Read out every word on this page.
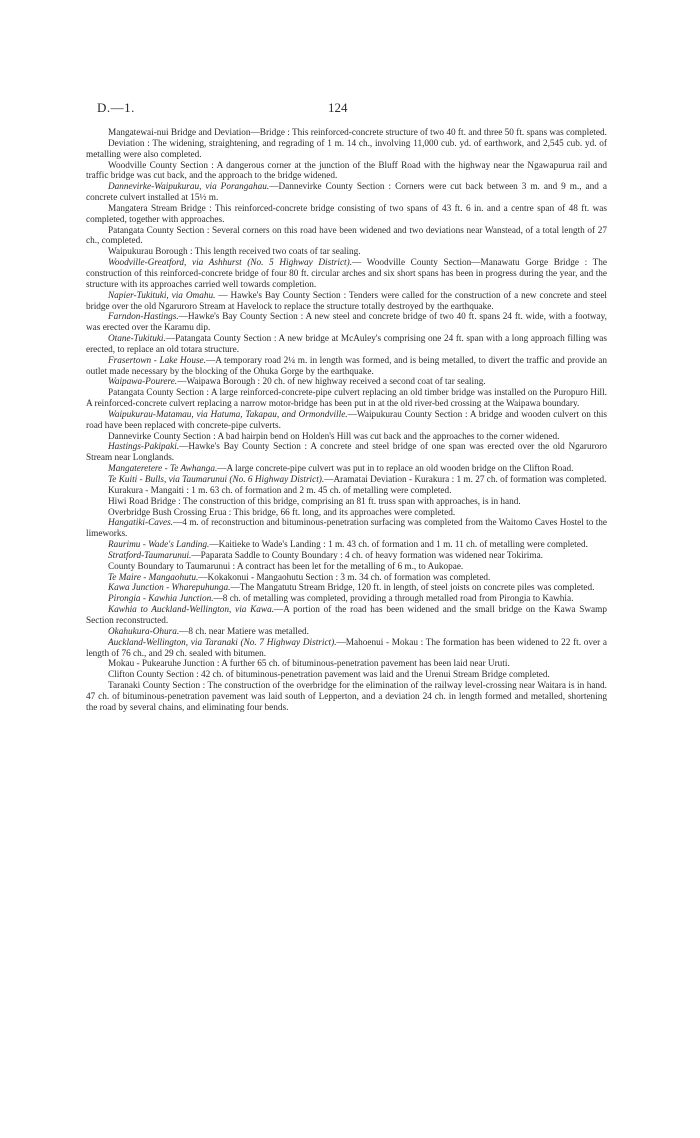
D.—1.	124

Mangatewai-nui Bridge and Deviation—Bridge : This reinforced-concrete structure of two 40 ft. and three 50 ft. spans was completed.

Deviation : The widening, straightening, and regrading of 1 m. 14 ch., involving 11,000 cub. yd. of earthwork, and 2,545 cub. yd. of metalling were also completed.

Woodville County Section : A dangerous corner at the junction of the Bluff Road with the highway near the Ngawapurua rail and traffic bridge was cut back, and the approach to the bridge widened.

Dannevirke-Waipukurau, via Porangahau.—Dannevirke County Section : Corners were cut back between 3 m. and 9 m., and a concrete culvert installed at 15½ m.

Mangatera Stream Bridge : This reinforced-concrete bridge consisting of two spans of 43 ft. 6 in. and a centre span of 48 ft. was completed, together with approaches.

Patangata County Section : Several corners on this road have been widened and two deviations near Wanstead, of a total length of 27 ch., completed.

Waipukurau Borough : This length received two coats of tar sealing.

Woodville-Greatford, via Ashhurst (No. 5 Highway District).— Woodville County Section—Manawatu Gorge Bridge : The construction of this reinforced-concrete bridge of four 80 ft. circular arches and six short spans has been in progress during the year, and the structure with its approaches carried well towards completion.

Napier-Tukituki, via Omahu. — Hawke's Bay County Section : Tenders were called for the construction of a new concrete and steel bridge over the old Ngaruroro Stream at Havelock to replace the structure totally destroyed by the earthquake.

Farndon-Hastings.—Hawke's Bay County Section : A new steel and concrete bridge of two 40 ft. spans 24 ft. wide, with a footway, was erected over the Karamu dip.

Otane-Tukituki.—Patangata County Section : A new bridge at McAuley's comprising one 24 ft. span with a long approach filling was erected, to replace an old totara structure.

Frasertown - Lake House.—A temporary road 2¼ m. in length was formed, and is being metalled, to divert the traffic and provide an outlet made necessary by the blocking of the Ohuka Gorge by the earthquake.

Waipawa-Pourere.—Waipawa Borough : 20 ch. of new highway received a second coat of tar sealing.

Patangata County Section : A large reinforced-concrete-pipe culvert replacing an old timber bridge was installed on the Puropuro Hill. A reinforced-concrete culvert replacing a narrow motor-bridge has been put in at the old river-bed crossing at the Waipawa boundary.

Waipukurau-Matamau, via Hatuma, Takapau, and Ormondville.—Waipukurau County Section : A bridge and wooden culvert on this road have been replaced with concrete-pipe culverts.

Dannevirke County Section : A bad hairpin bend on Holden's Hill was cut back and the approaches to the corner widened.

Hastings-Pakipaki.—Hawke's Bay County Section : A concrete and steel bridge of one span was erected over the old Ngaruroro Stream near Longlands.

Mangateretere - Te Awhanga.—A large concrete-pipe culvert was put in to replace an old wooden bridge on the Clifton Road.

Te Kuiti - Bulls, via Taumarunui (No. 6 Highway District).—Aramatai Deviation - Kurakura : 1 m. 27 ch. of formation was completed.

Kurakura - Mangaiti : 1 m. 63 ch. of formation and 2 m. 45 ch. of metalling were completed.

Hiwi Road Bridge : The construction of this bridge, comprising an 81 ft. truss span with approaches, is in hand.

Overbridge Bush Crossing Erua : This bridge, 66 ft. long, and its approaches were completed.

Hangatiki-Caves.—4 m. of reconstruction and bituminous-penetration surfacing was completed from the Waitomo Caves Hostel to the limeworks.

Raurimu - Wade's Landing.—Kaitieke to Wade's Landing : 1 m. 43 ch. of formation and 1 m. 11 ch. of metalling were completed.

Stratford-Taumarunui.—Paparata Saddle to County Boundary : 4 ch. of heavy formation was widened near Tokirima.

County Boundary to Taumarunui : A contract has been let for the metalling of 6 m., to Aukopae.

Te Maire - Mangaohutu.—Kokakonui - Mangaohutu Section : 3 m. 34 ch. of formation was completed.

Kawa Junction - Wharepuhunga.—The Mangatutu Stream Bridge, 120 ft. in length, of steel joists on concrete piles was completed.

Pirongia - Kawhia Junction.—8 ch. of metalling was completed, providing a through metalled road from Pirongia to Kawhia.

Kawhia to Auckland-Wellington, via Kawa.—A portion of the road has been widened and the small bridge on the Kawa Swamp Section reconstructed.

Okahukura-Ohura.—8 ch. near Matiere was metalled.

Auckland-Wellington, via Taranaki (No. 7 Highway District).—Mahoenui - Mokau : The formation has been widened to 22 ft. over a length of 76 ch., and 29 ch. sealed with bitumen.

Mokau - Pukearuhe Junction : A further 65 ch. of bituminous-penetration pavement has been laid near Uruti.

Clifton County Section : 42 ch. of bituminous-penetration pavement was laid and the Urenui Stream Bridge completed.

Taranaki County Section : The construction of the overbridge for the elimination of the railway level-crossing near Waitara is in hand. 47 ch. of bituminous-penetration pavement was laid south of Lepperton, and a deviation 24 ch. in length formed and metalled, shortening the road by several chains, and eliminating four bends.
